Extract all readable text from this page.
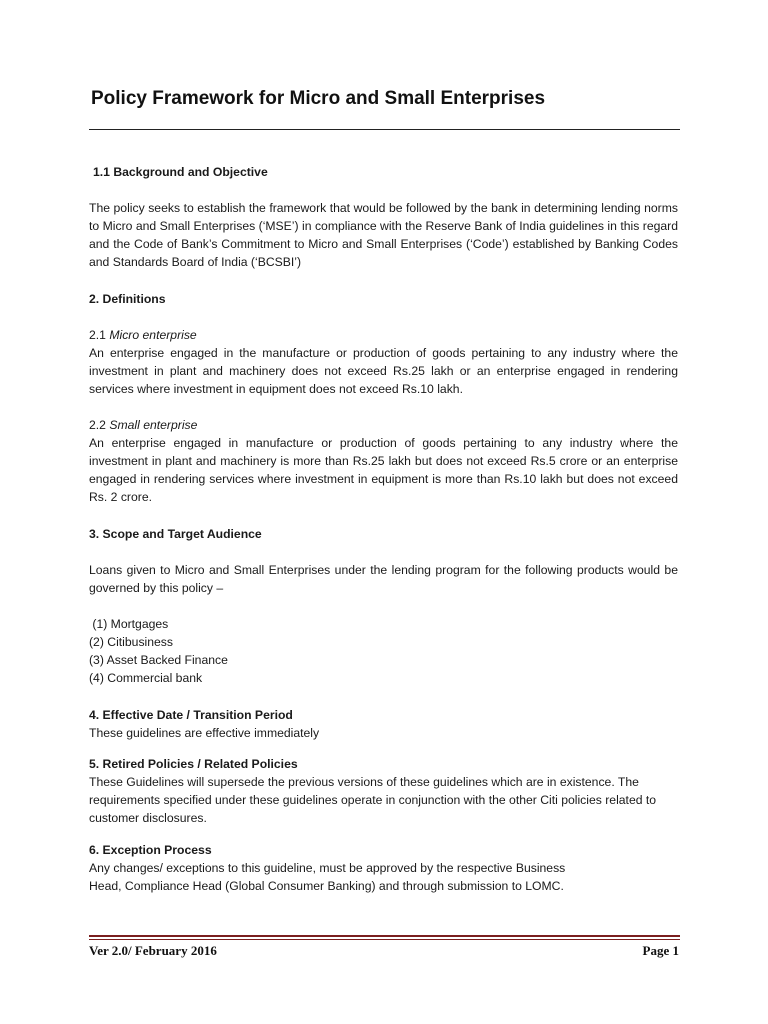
Policy Framework for Micro and Small Enterprises
1.1 Background and Objective

The policy seeks to establish the framework that would be followed by the bank in determining lending norms to Micro and Small Enterprises (‘MSE’) in compliance with the Reserve Bank of India guidelines in this regard and the Code of Bank’s Commitment to Micro and Small Enterprises (‘Code’) established by Banking Codes and Standards Board of India (‘BCSBI’)

2. Definitions
2.1 Micro enterprise

An enterprise engaged in the manufacture or production of goods pertaining to any industry where the investment in plant and machinery does not exceed Rs.25 lakh or an enterprise engaged in rendering services where investment in equipment does not exceed Rs.10 lakh.

2.2 Small enterprise

An enterprise engaged in manufacture or production of goods pertaining to any industry where the investment in plant and machinery is more than Rs.25 lakh but does not exceed Rs.5 crore or an enterprise engaged in rendering services where investment in equipment is more than Rs.10 lakh but does not exceed Rs. 2 crore.

3. Scope and Target Audience

Loans given to Micro and Small Enterprises under the lending program for the following products would be governed by this policy –

(1) Mortgages
(2) Citibusiness
(3) Asset Backed Finance
(4) Commercial bank
4. Effective Date / Transition Period

These guidelines are effective immediately

5. Retired Policies / Related Policies

These Guidelines will supersede the previous versions of these guidelines which are in existence. The requirements specified under these guidelines operate in conjunction with the other Citi policies related to customer disclosures.

6. Exception Process

Any changes/ exceptions to this guideline, must be approved by the respective Business Head, Compliance Head (Global Consumer Banking) and through submission to LOMC.

Ver 2.0/ February 2016	Page 1
